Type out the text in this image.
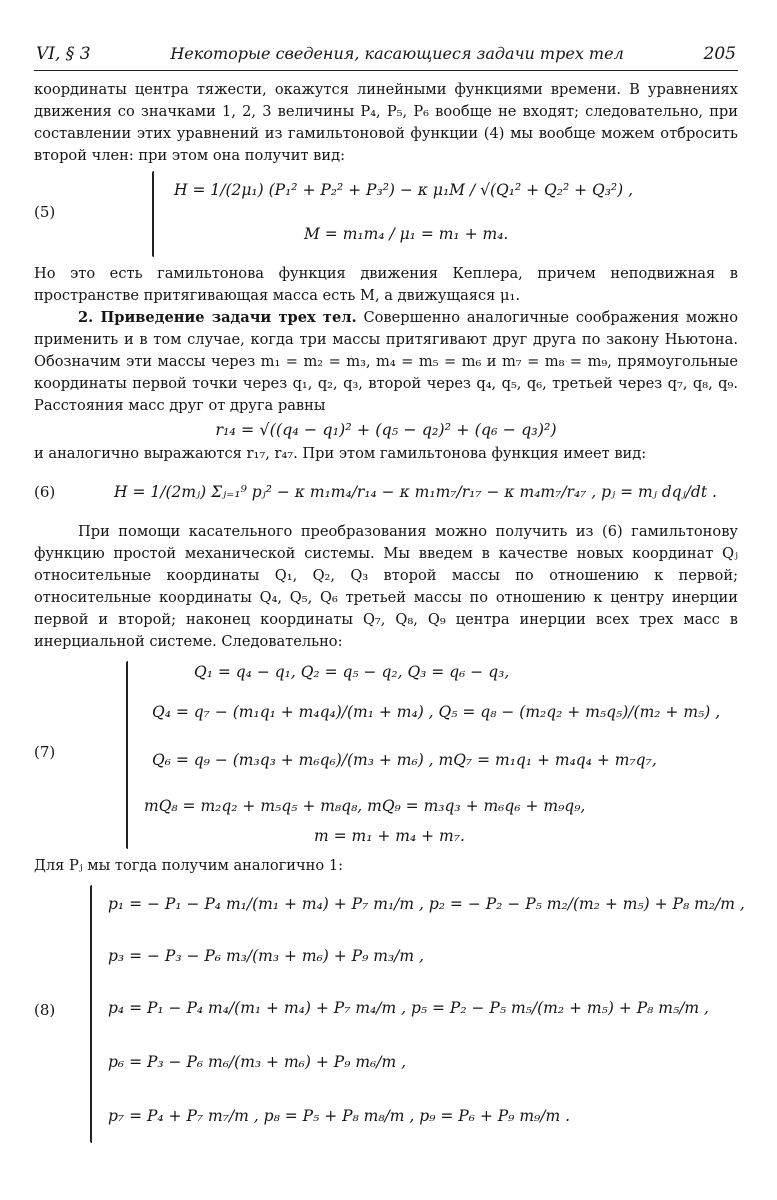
VI, § 3	Некоторые сведения, касающиеся задачи трех тел	205

координаты центра тяжести, окажутся линейными функциями времени. В уравнениях движения со значками 1, 2, 3 величины P₄, P₅, P₆ вообще не входят; следовательно, при составлении этих уравнений из гамильтоновой функции (4) мы вообще можем отбросить второй член: при этом она получит вид:

(5)
H = 1/(2μ₁) (P₁² + P₂² + P₃²) − κ μ₁M / √(Q₁² + Q₂² + Q₃²) ,
M = m₁m₄ / μ₁ = m₁ + m₄.

Но это есть гамильтонова функция движения Кеплера, причем неподвижная в пространстве притягивающая масса есть M, а движущаяся μ₁.

2. Приведение задачи трех тел. Совершенно аналогичные соображения можно применить и в том случае, когда три массы притягивают друг друга по закону Ньютона. Обозначим эти массы через m₁ = m₂ = m₃, m₄ = m₅ = m₆ и m₇ = m₈ = m₉, прямоугольные координаты первой точки через q₁, q₂, q₃, второй через q₄, q₅, q₆, третьей через q₇, q₈, q₉. Расстояния масс друг от друга равны

r₁₄ = √((q₄ − q₁)² + (q₅ − q₂)² + (q₆ − q₃)²)

и аналогично выражаются r₁₇, r₄₇. При этом гамильтонова функция имеет вид:

(6)	H = 1/(2mⱼ) Σⱼ₌₁⁹ pⱼ² − κ m₁m₄/r₁₄ − κ m₁m₇/r₁₇ − κ m₄m₇/r₄₇ , pⱼ = mⱼ dqⱼ/dt .

При помощи касательного преобразования можно получить из (6) гамильтонову функцию простой механической системы. Мы введем в качестве новых координат Qⱼ относительные координаты Q₁, Q₂, Q₃ второй массы по отношению к первой; относительные координаты Q₄, Q₅, Q₆ третьей массы по отношению к центру инерции первой и второй; наконец координаты Q₇, Q₈, Q₉ центра инерции всех трех масс в инерциальной системе. Следовательно:

(7)
Q₁ = q₄ − q₁, Q₂ = q₅ − q₂, Q₃ = q₆ − q₃,
Q₄ = q₇ − (m₁q₁ + m₄q₄)/(m₁ + m₄) , Q₅ = q₈ − (m₂q₂ + m₅q₅)/(m₂ + m₅) ,
Q₆ = q₉ − (m₃q₃ + m₆q₆)/(m₃ + m₆) , mQ₇ = m₁q₁ + m₄q₄ + m₇q₇,
mQ₈ = m₂q₂ + m₅q₅ + m₈q₈, mQ₉ = m₃q₃ + m₆q₆ + m₉q₉,
m = m₁ + m₄ + m₇.

Для Pⱼ мы тогда получим аналогично 1:

(8)
p₁ = − P₁ − P₄ m₁/(m₁ + m₄) + P₇ m₁/m , p₂ = − P₂ − P₅ m₂/(m₂ + m₅) + P₈ m₂/m ,
p₃ = − P₃ − P₆ m₃/(m₃ + m₆) + P₉ m₃/m ,
p₄ = P₁ − P₄ m₄/(m₁ + m₄) + P₇ m₄/m , p₅ = P₂ − P₅ m₅/(m₂ + m₅) + P₈ m₅/m ,
p₆ = P₃ − P₆ m₆/(m₃ + m₆) + P₉ m₆/m ,
p₇ = P₄ + P₇ m₇/m , p₈ = P₅ + P₈ m₈/m , p₉ = P₆ + P₉ m₉/m .
